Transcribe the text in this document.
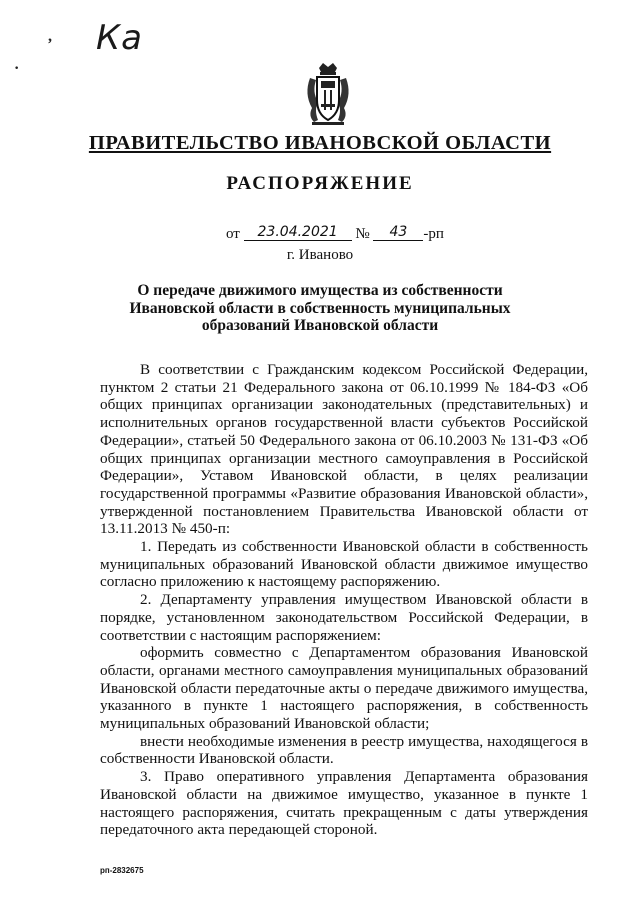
Ка
,
·
ПРАВИТЕЛЬСТВО ИВАНОВСКОЙ ОБЛАСТИ
РАСПОРЯЖЕНИЕ
от 23.04.2021 № 43 -рп
г. Иваново
О передаче движимого имущества из собственности Ивановской области в собственность муниципальных образований Ивановской области

В соответствии с Гражданским кодексом Российской Федерации, пунктом 2 статьи 21 Федерального закона от 06.10.1999 № 184-ФЗ «Об общих принципах организации законодательных (представительных) и исполнительных органов государственной власти субъектов Российской Федерации», статьей 50 Федерального закона от 06.10.2003 № 131-ФЗ «Об общих принципах организации местного самоуправления в Российской Федерации», Уставом Ивановской области, в целях реализации государственной программы «Развитие образования Ивановской области», утвержденной постановлением Правительства Ивановской области от 13.11.2013 № 450-п:

1. Передать из собственности Ивановской области в собственность муниципальных образований Ивановской области движимое имущество согласно приложению к настоящему распоряжению.

2. Департаменту управления имуществом Ивановской области в порядке, установленном законодательством Российской Федерации, в соответствии с настоящим распоряжением:

оформить совместно с Департаментом образования Ивановской области, органами местного самоуправления муниципальных образований Ивановской области передаточные акты о передаче движимого имущества, указанного в пункте 1 настоящего распоряжения, в собственность муниципальных образований Ивановской области;

внести необходимые изменения в реестр имущества, находящегося в собственности Ивановской области.

3. Право оперативного управления Департамента образования Ивановской области на движимое имущество, указанное в пункте 1 настоящего распоряжения, считать прекращенным с даты утверждения передаточного акта передающей стороной.

рп-2832675
